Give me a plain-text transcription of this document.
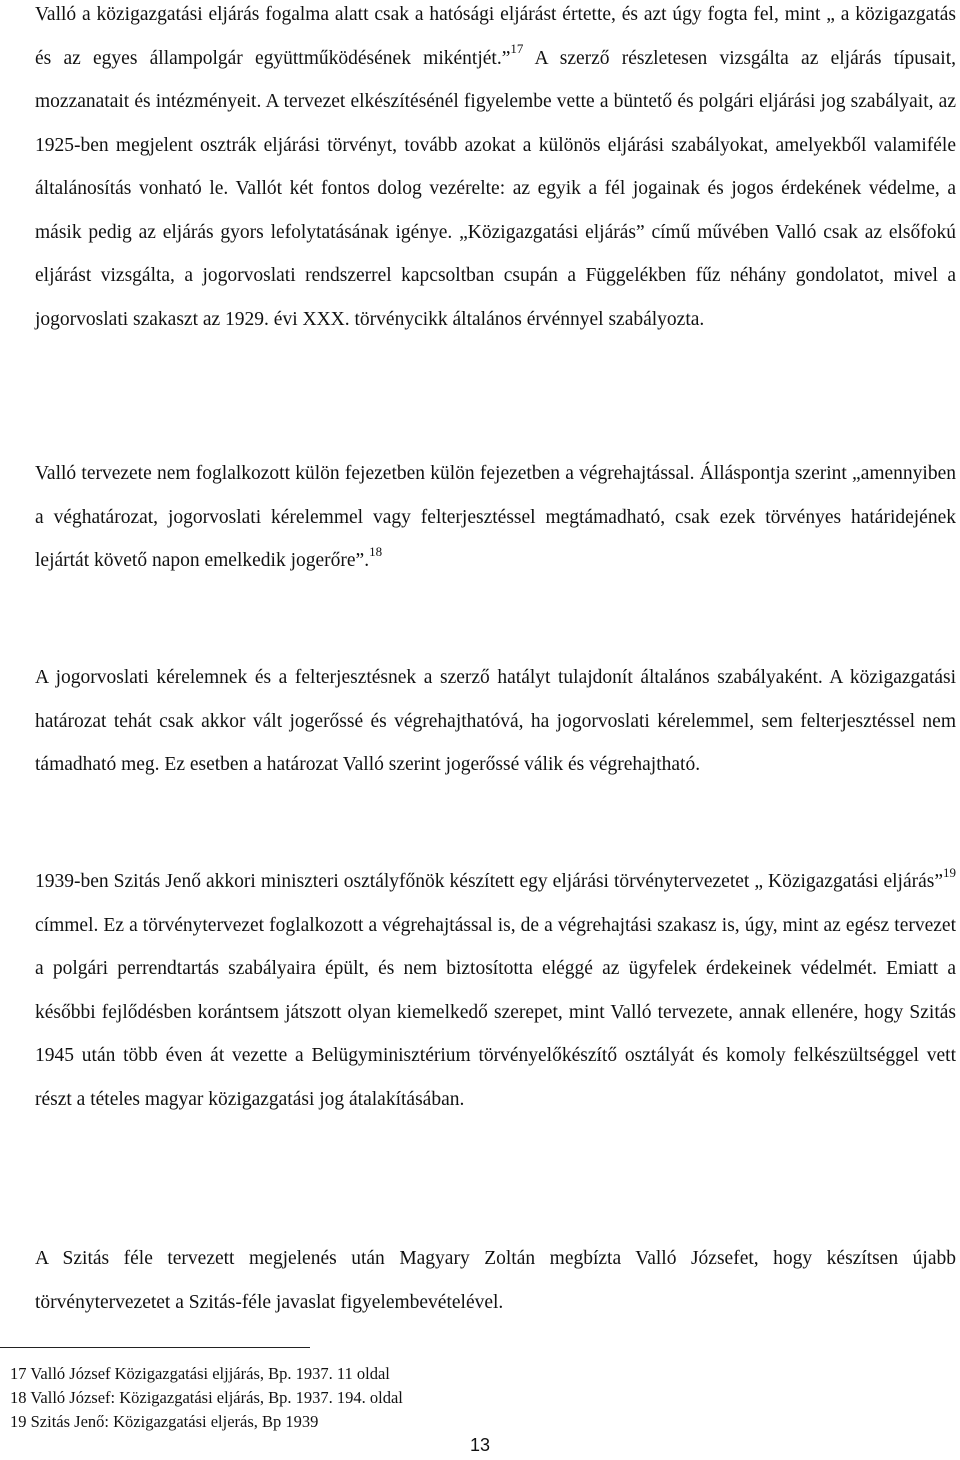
Valló a közigazgatási eljárás fogalma alatt csak a hatósági eljárást értette, és azt úgy fogta fel, mint „ a közigazgatás és az egyes állampolgár együttműködésének mikéntjét.”$^{17}$ A szerző részletesen vizsgálta az eljárás típusait, mozzanatait és intézményeit. A tervezet elkészítésénél figyelembe vette a büntető és polgári eljárási jog szabályait, az 1925-ben megjelent osztrák eljárási törvényt, tovább azokat a különös eljárási szabályokat, amelyekből valamiféle általánosítás vonható le. Vallót két fontos dolog vezérelte: az egyik a fél jogainak és jogos érdekének védelme, a másik pedig az eljárás gyors lefolytatásának igénye. „Közigazgatási eljárás” című művében Valló csak az elsőfokú eljárást vizsgálta, a jogorvoslati rendszerrel kapcsoltban csupán a Függelékben fűz néhány gondolatot, mivel a jogorvoslati szakaszt az 1929. évi XXX. törvénycikk általános érvénnyel szabályozta.

Valló tervezete nem foglalkozott külön fejezetben külön fejezetben a végrehajtással. Álláspontja szerint „amennyiben a véghatározat, jogorvoslati kérelemmel vagy felterjesztéssel megtámadható, csak ezek törvényes határidejének lejártát követő napon emelkedik jogerőre”.$^{18}$

A jogorvoslati kérelemnek és a felterjesztésnek a szerző hatályt tulajdonít általános szabályaként. A közigazgatási határozat tehát csak akkor vált jogerőssé és végrehajthatóvá, ha jogorvoslati kérelemmel, sem felterjesztéssel nem támadható meg. Ez esetben a határozat Valló szerint jogerőssé válik és végrehajtható.

1939-ben Szitás Jenő akkori miniszteri osztályfőnök készített egy eljárási törvénytervezetet „ Közigazgatási eljárás”$^{19}$ címmel. Ez a törvénytervezet foglalkozott a végrehajtással is, de a végrehajtási szakasz is, úgy, mint az egész tervezet a polgári perrendtartás szabályaira épült, és nem biztosította eléggé az ügyfelek érdekeinek védelmét. Emiatt a későbbi fejlődésben korántsem játszott olyan kiemelkedő szerepet, mint Valló tervezete, annak ellenére, hogy Szitás 1945 után több éven át vezette a Belügyminisztérium törvényelőkészítő osztályát és komoly felkészültséggel vett részt a tételes magyar közigazgatási jog átalakításában.

A Szitás féle tervezett megjelenés után Magyary Zoltán megbízta Valló Józsefet, hogy készítsen újabb törvénytervezetet a Szitás-féle javaslat figyelembevételével.

17 Valló József Közigazgatási eljjárás, Bp. 1937. 11 oldal

18 Valló József: Közigazgatási eljárás, Bp. 1937. 194. oldal

19 Szitás Jenő: Közigazgatási eljerás, Bp 1939

13
